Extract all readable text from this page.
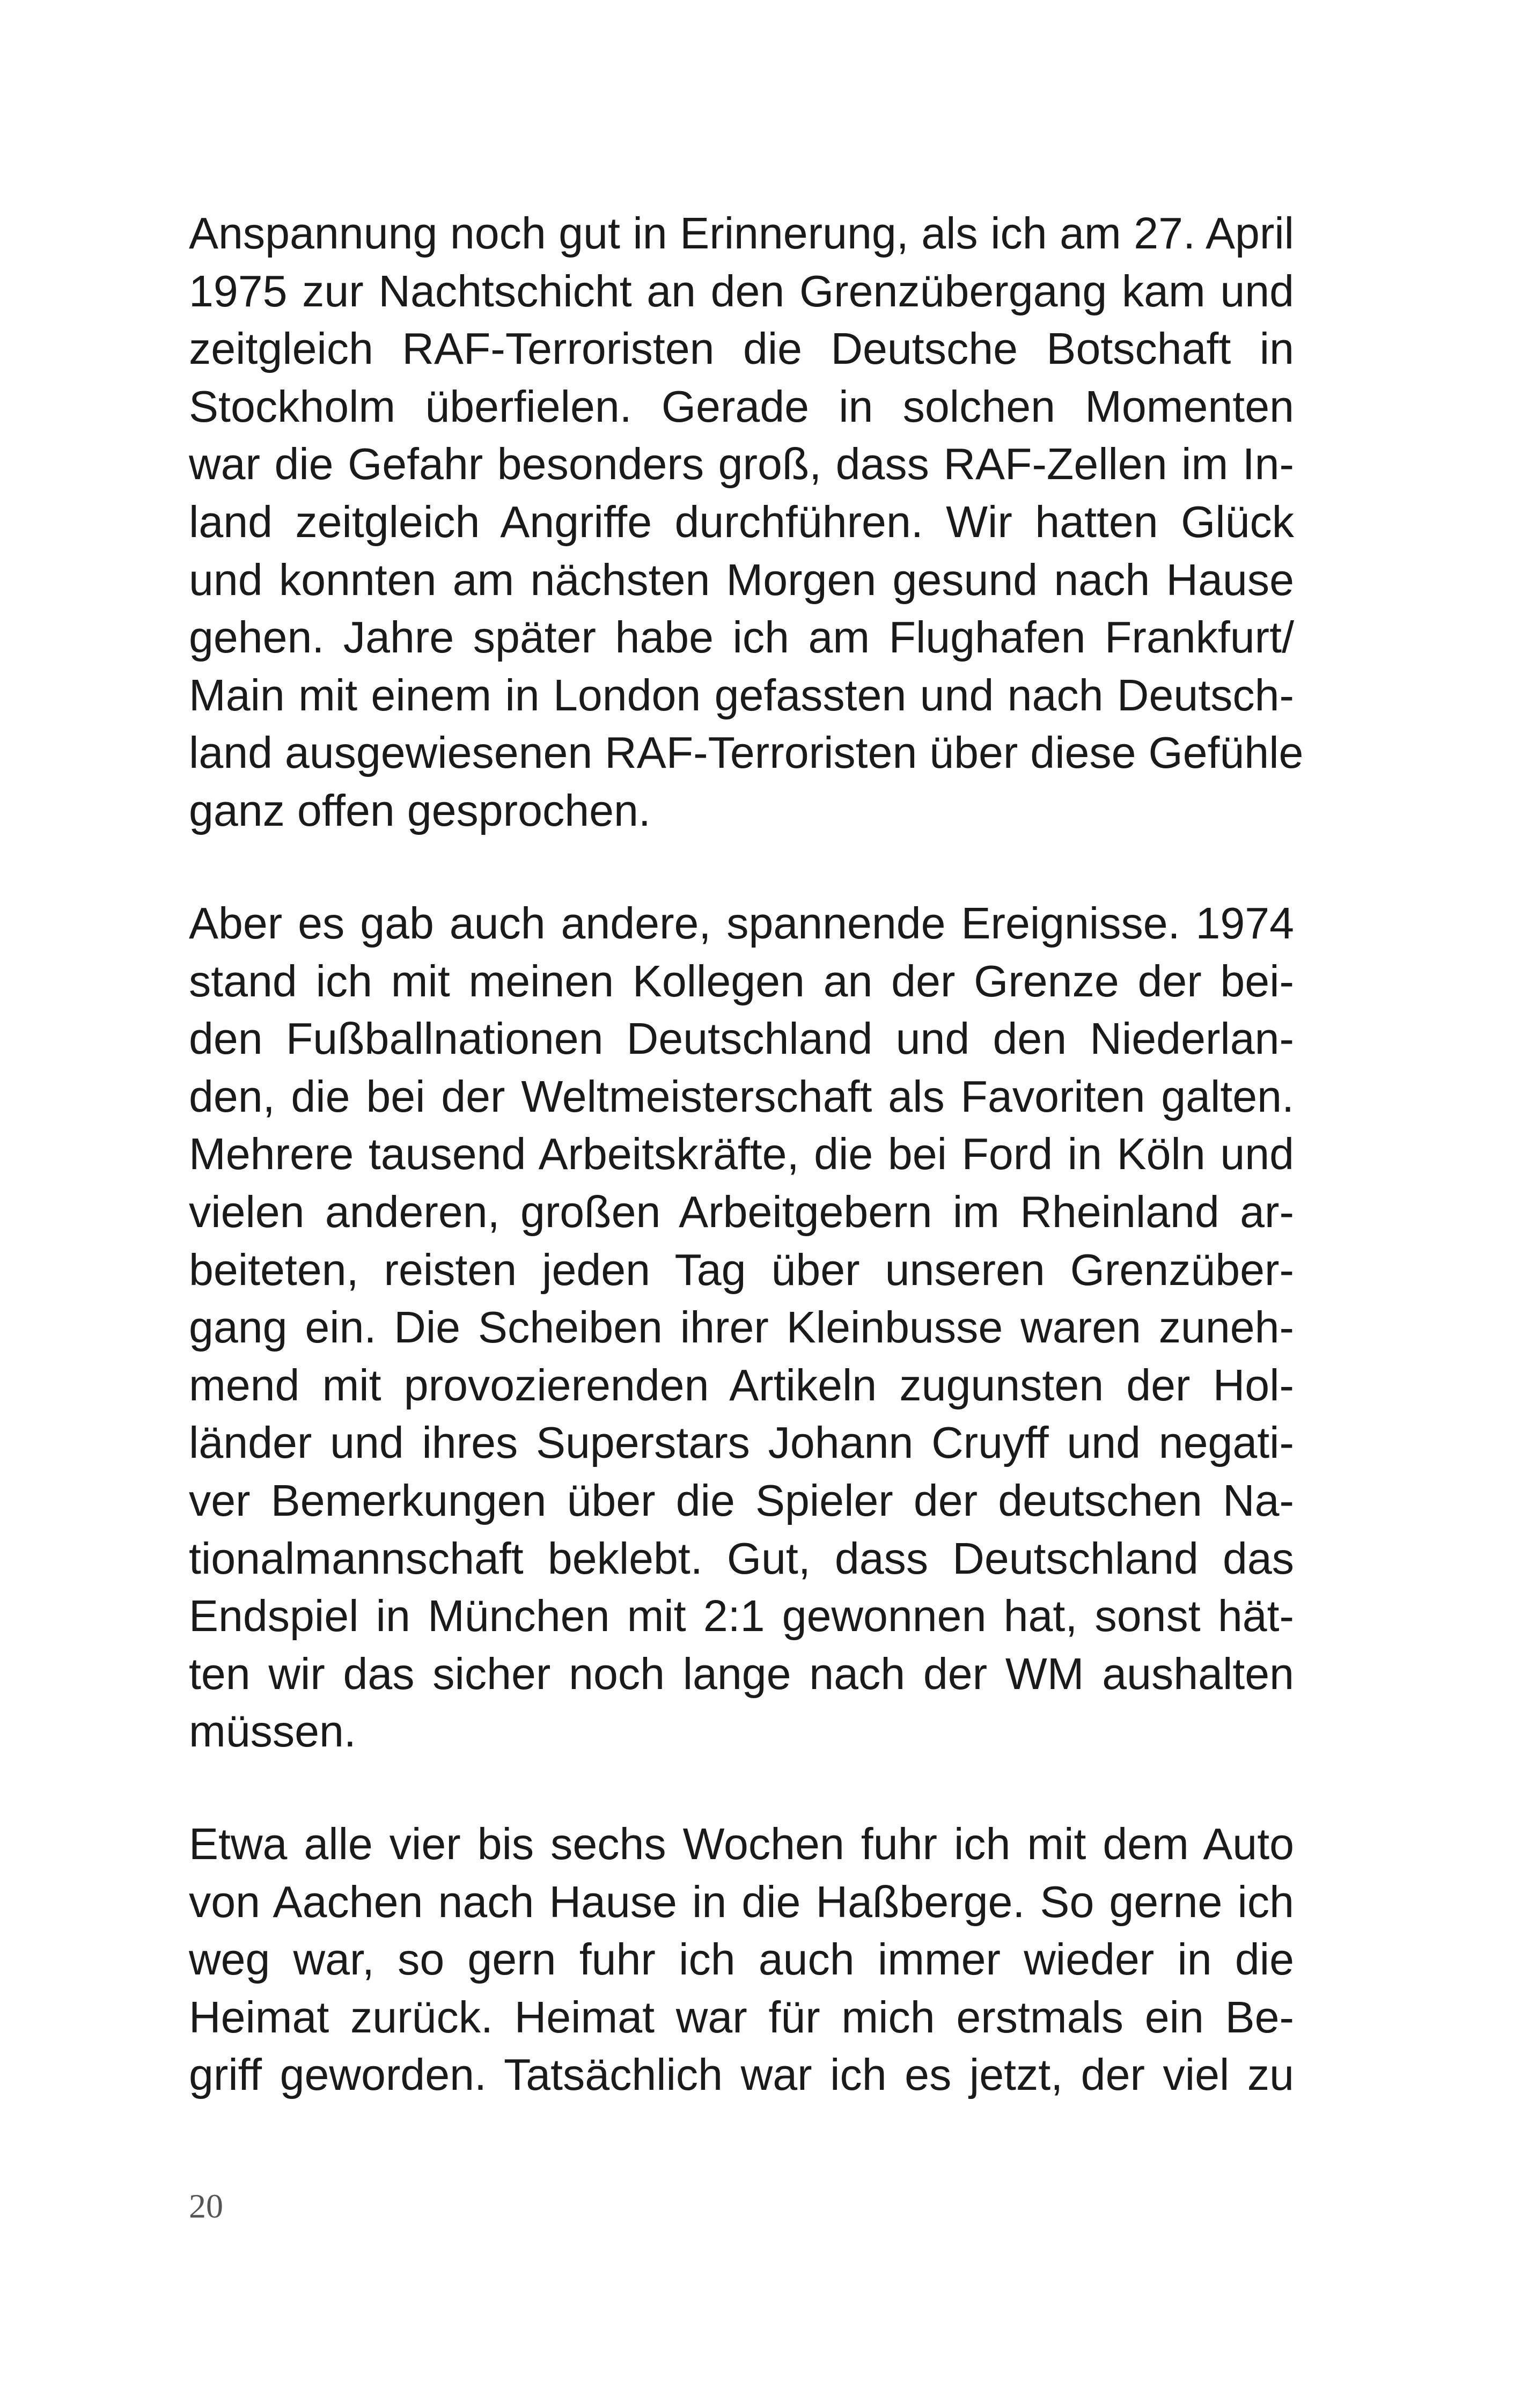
Anspannung noch gut in Erinnerung, als ich am 27. April
1975 zur Nachtschicht an den Grenzübergang kam und
zeitgleich RAF-Terroristen die Deutsche Botschaft in
Stockholm überfielen. Gerade in solchen Momenten
war die Gefahr besonders groß, dass RAF-Zellen im In-
land zeitgleich Angriffe durchführen. Wir hatten Glück
und konnten am nächsten Morgen gesund nach Hause
gehen. Jahre später habe ich am Flughafen Frankfurt/
Main mit einem in London gefassten und nach Deutsch-
land ausgewiesenen RAF-Terroristen über diese Gefühle
ganz offen gesprochen.
Aber es gab auch andere, spannende Ereignisse. 1974
stand ich mit meinen Kollegen an der Grenze der bei-
den Fußballnationen Deutschland und den Niederlan-
den, die bei der Weltmeisterschaft als Favoriten galten.
Mehrere tausend Arbeitskräfte, die bei Ford in Köln und
vielen anderen, großen Arbeitgebern im Rheinland ar-
beiteten, reisten jeden Tag über unseren Grenzüber-
gang ein. Die Scheiben ihrer Kleinbusse waren zuneh-
mend mit provozierenden Artikeln zugunsten der Hol-
länder und ihres Superstars Johann Cruyff und negati-
ver Bemerkungen über die Spieler der deutschen Na-
tionalmannschaft beklebt. Gut, dass Deutschland das
Endspiel in München mit 2:1 gewonnen hat, sonst hät-
ten wir das sicher noch lange nach der WM aushalten
müssen.
Etwa alle vier bis sechs Wochen fuhr ich mit dem Auto
von Aachen nach Hause in die Haßberge. So gerne ich
weg war, so gern fuhr ich auch immer wieder in die
Heimat zurück. Heimat war für mich erstmals ein Be-
griff geworden. Tatsächlich war ich es jetzt, der viel zu
20
